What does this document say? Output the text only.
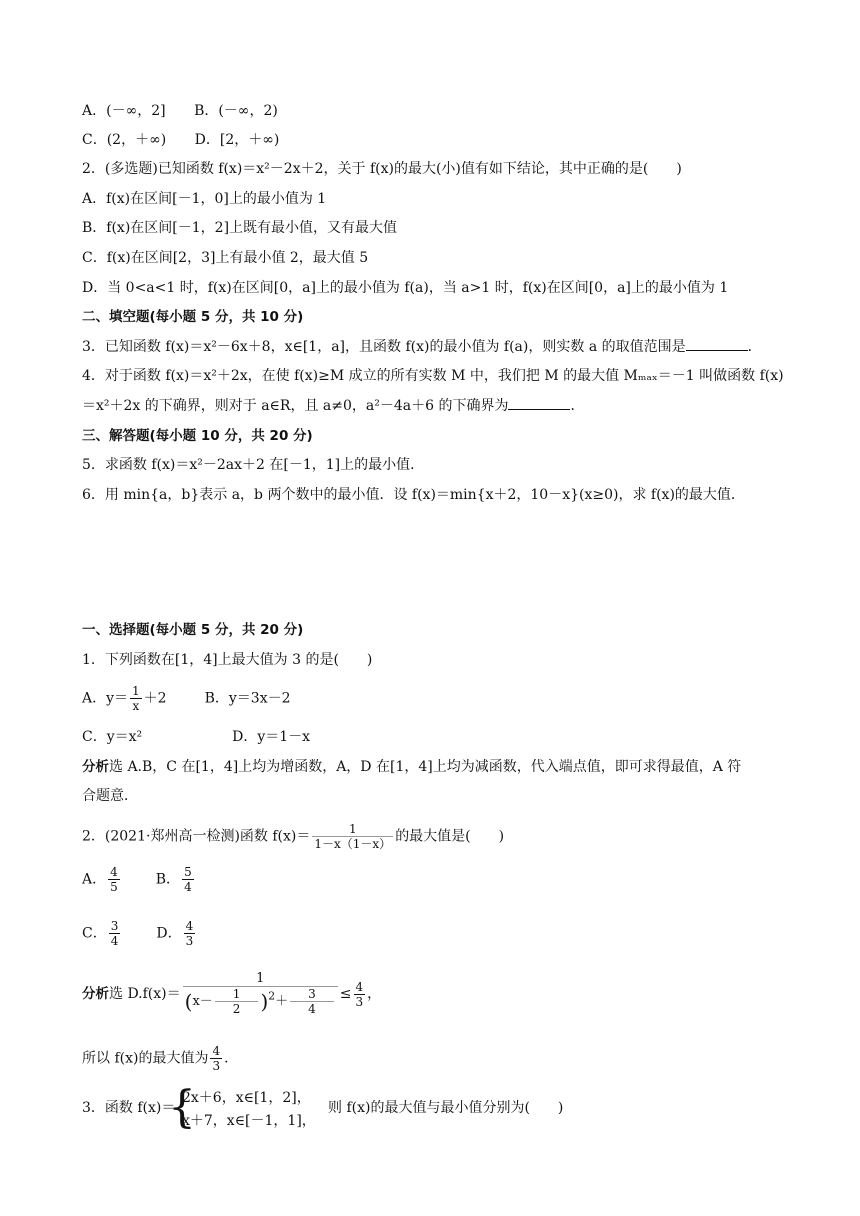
A．(－∞，2] B．(－∞，2)
C．(2，＋∞) D．[2，＋∞)
2．(多选题)已知函数 f(x)＝x²－2x＋2，关于 f(x)的最大(小)值有如下结论，其中正确的是(　　)
A．f(x)在区间[－1，0]上的最小值为 1
B．f(x)在区间[－1，2]上既有最小值，又有最大值
C．f(x)在区间[2，3]上有最小值 2，最大值 5
D．当 0<a<1 时，f(x)在区间[0，a]上的最小值为 f(a)，当 a>1 时，f(x)在区间[0，a]上的最小值为 1
二、填空题(每小题 5 分，共 10 分)
3．已知函数 f(x)＝x²－6x＋8，x∈[1，a]，且函数 f(x)的最小值为 f(a)，则实数 a 的取值范围是	．
4．对于函数 f(x)＝x²＋2x，在使 f(x)≥M 成立的所有实数 M 中，我们把 M 的最大值 Mₘₐₓ＝－1 叫做函数 f(x)
＝x²＋2x 的下确界，则对于 a∈R，且 a≠0，a²－4a＋6 的下确界为	．
三、解答题(每小题 10 分，共 20 分)
5．求函数 f(x)＝x²－2ax＋2 在[－1，1]上的最小值．
6．用 min{a，b}表示 a，b 两个数中的最小值．设 f(x)＝min{x＋2，10－x}(x≥0)，求 f(x)的最大值．
一、选择题(每小题 5 分，共 20 分)
1．下列函数在[1，4]上最大值为 3 的是(　　)
A．$y= \frac{1}{x} +2$	B．y＝3x－2
C．y＝x²	D．y＝1－x
分析选 A.B，C 在[1，4]上均为增函数，A，D 在[1，4]上均为减函数，代入端点值，即可求得最值，A 符
合题意．
2．(2021·郑州高一检测)函数 $f(x)= \frac{1}{1-x(1-x)}$ 的最大值是(　　)
A． $\frac{4}{5}$	B． $\frac{5}{4}$
C． $\frac{3}{4}$	D． $\frac{4}{3}$
分析选 $D.f(x)= \frac{1}{(x- \frac{1}{2} )^2+ \frac{3}{4}} \le \frac{4}{3}$ ，
所以 f(x)的最大值为 $\frac{4}{3}$ ．
3．函数 f(x)＝
{
2x＋6，x∈[1，2]，
x＋7，x∈[－1，1]，
则 f(x)的最大值与最小值分别为(　　)
